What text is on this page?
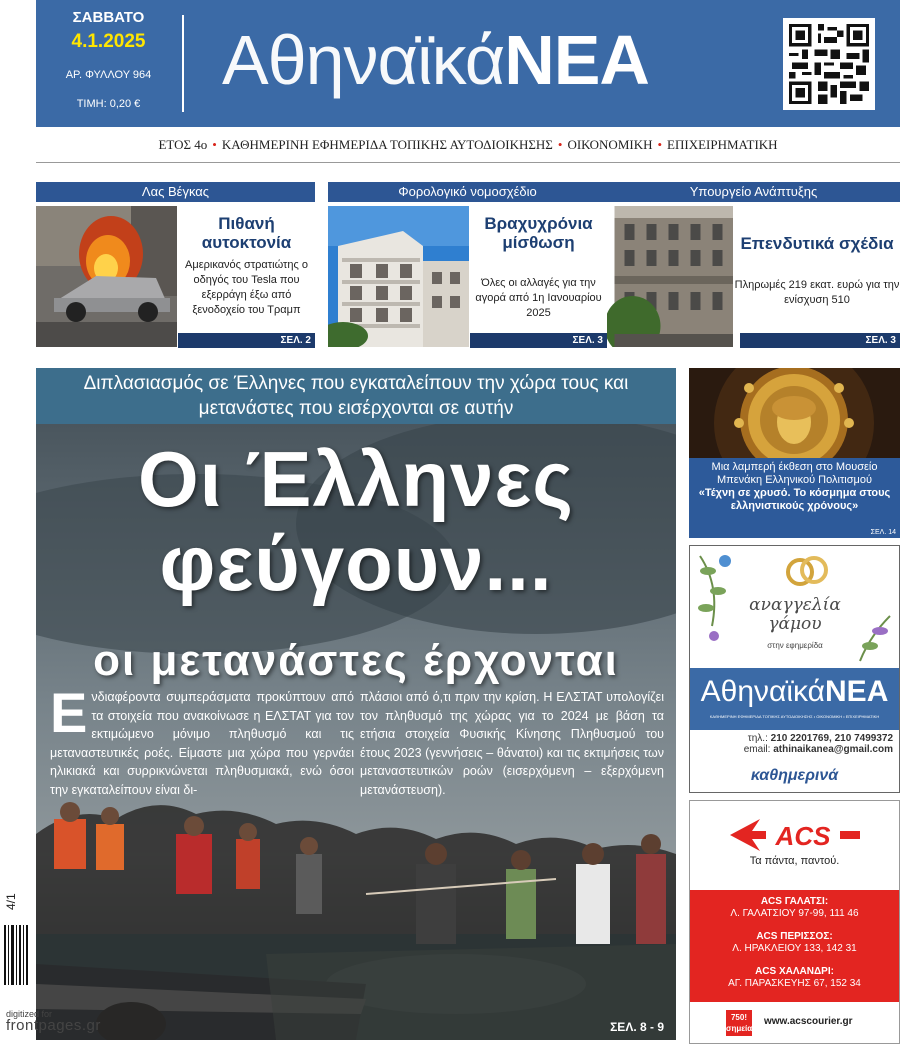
ΣΑΒΒΑΤΟ
4.1.2025
ΑΡ. ΦΥΛΛΟΥ 964
ΤΙΜΗ: 0,20 €
ΑθηναϊκάΝΕΑ
ΕΤΟΣ 4ο • ΚΑΘΗΜΕΡΙΝΗ ΕΦΗΜΕΡΙΔΑ ΤΟΠΙΚΗΣ ΑΥΤΟΔΙΟΙΚΗΣΗΣ • ΟΙΚΟΝΟΜΙΚΗ • ΕΠΙΧΕΙΡΗΜΑΤΙΚΗ
Λας Βέγκας
Πιθανή αυτοκτονία
Αμερικανός στρατιώτης ο οδηγός του Tesla που εξερράγη έξω από ξενοδοχείο του Τραμπ
ΣΕΛ. 2
Φορολογικό νομοσχέδιο
Βραχυχρόνια μίσθωση
Όλες οι αλλαγές για την αγορά από 1η Ιανουαρίου 2025
ΣΕΛ. 3
Υπουργείο Ανάπτυξης
Επενδυτικά σχέδια
Πληρωμές 219 εκατ. ευρώ για την ενίσχυση 510
ΣΕΛ. 3
Διπλασιασμός σε Έλληνες που εγκαταλείπουν την χώρα τους και μετανάστες που εισέρχονται σε αυτήν
Οι Έλληνες
φεύγουν...
οι μετανάστες έρχονται
Ενδιαφέροντα συμπεράσματα προκύπτουν από τα στοιχεία που ανακοίνωσε η ΕΛΣΤΑΤ για τον εκτιμώμενο μόνιμο πληθυσμό και τις μεταναστευτικές ροές. Είμαστε μια χώρα που γερνάει ηλικιακά και συρρικνώνεται πληθυσμιακά, ενώ όσοι την εγκαταλείπουν είναι δι-
πλάσιοι από ό,τι πριν την κρίση. Η ΕΛΣΤΑΤ υπολογίζει τον πληθυσμό της χώρας για το 2024 με βάση τα ετήσια στοιχεία Φυσικής Κίνησης Πληθυσμού του έτους 2023 (γεννήσεις – θάνατοι) και τις εκτιμήσεις των μεταναστευτικών ροών (εισερχόμενη – εξερχόμενη μετανάστευση).
ΣΕΛ. 8 - 9
Μια λαμπερή έκθεση στο Μουσείο
Μπενάκη Ελληνικού Πολιτισμού
«Τέχνη σε χρυσό. Το κόσμημα στους ελληνιστικούς χρόνους»
ΣΕΛ. 14
αναγγελία γάμου
στην εφημερίδα
ΑθηναϊκάΝΕΑ
ΚΑΘΗΜΕΡΙΝΗ ΕΦΗΜΕΡΙΔΑ ΤΟΠΙΚΗΣ ΑΥΤΟΔΙΟΙΚΗΣΗΣ • ΟΙΚΟΝΟΜΙΚΗ • ΕΠΙΧΕΙΡΗΜΑΤΙΚΗ
τηλ.: 210 2201769, 210 7499372
email: athinaikanea@gmail.com
καθημερινά
ACS
Τα πάντα, παντού.
ACS ΓΑΛΑΤΣΙ:
Λ. ΓΑΛΑΤΣΙΟΥ 97-99, 111 46
ACS ΠΕΡΙΣΣΟΣ:
Λ. ΗΡΑΚΛΕΙΟΥ 133, 142 31
ACS ΧΑΛΑΝΔΡΙ:
ΑΓ. ΠΑΡΑΣΚΕΥΗΣ 67, 152 34
750! σημεία ACS
www.acscourier.gr
4/1
digitized for
frontpages.gr
